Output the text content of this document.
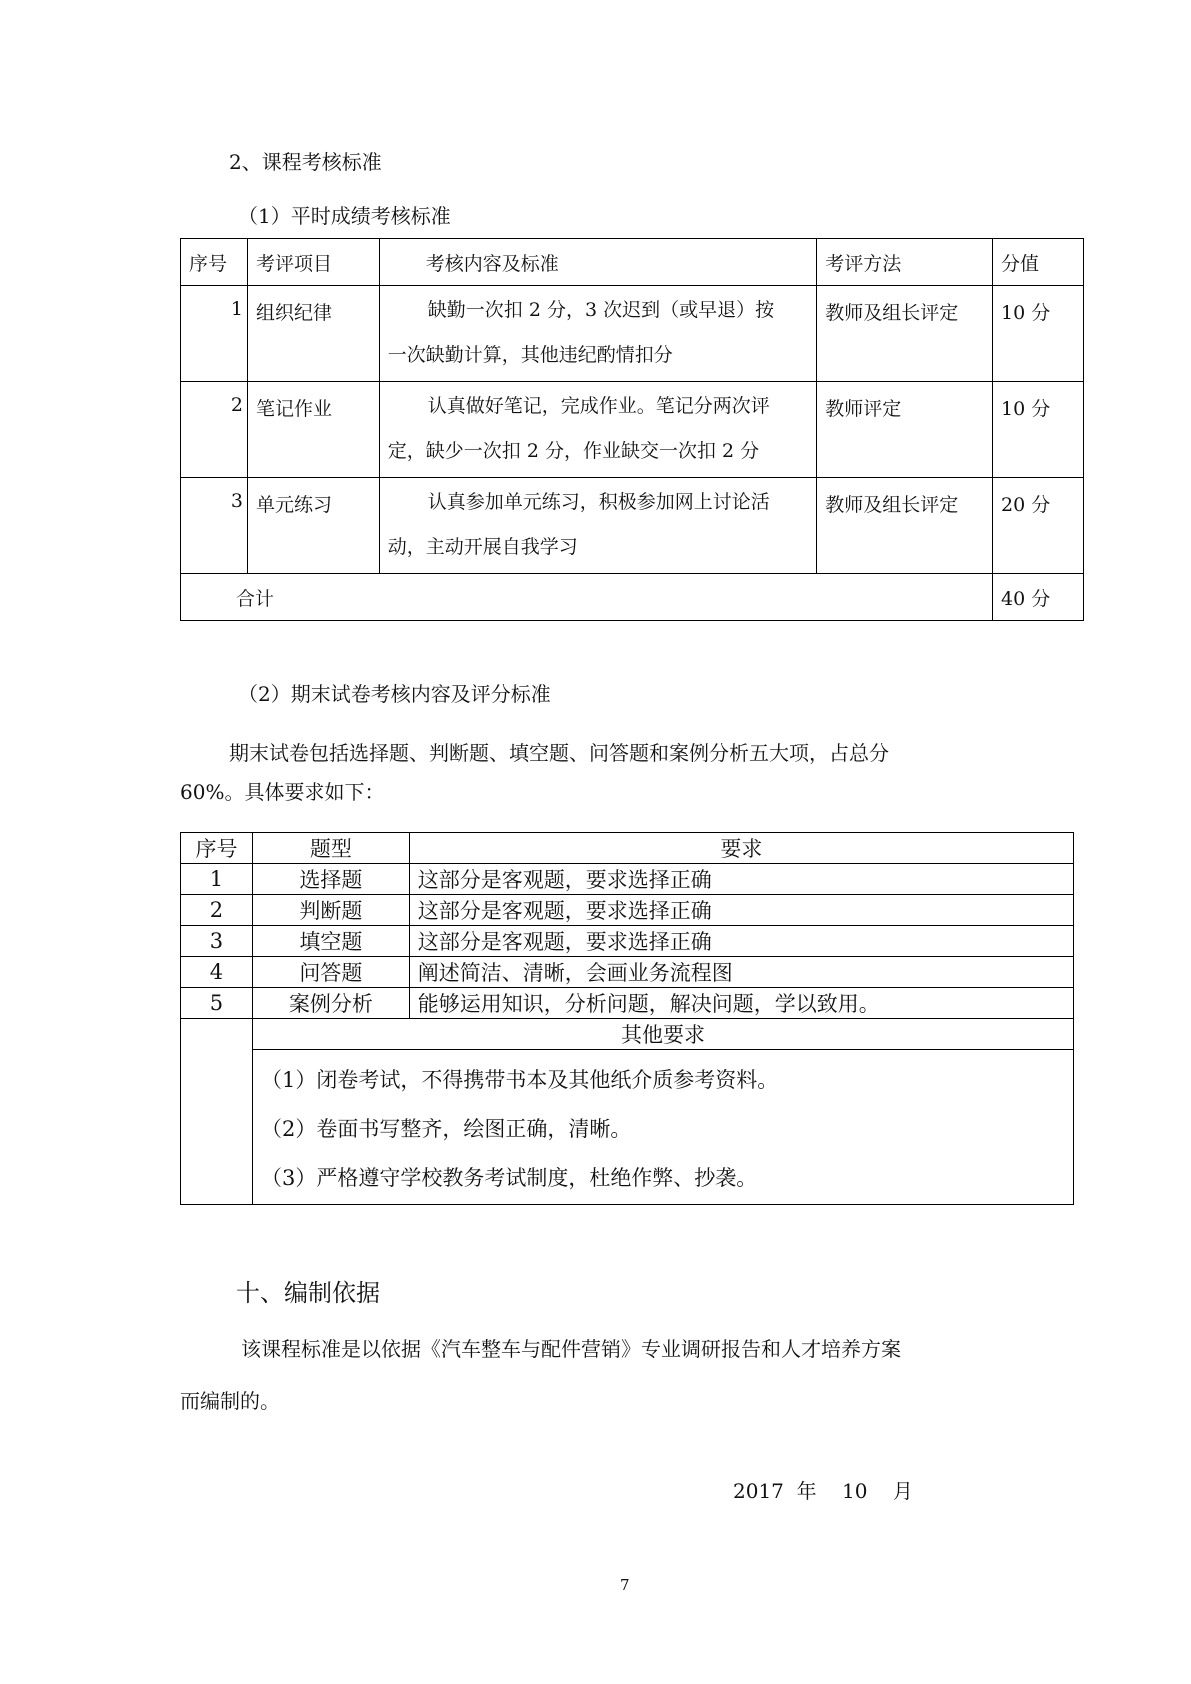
2、课程考核标准
（1）平时成绩考核标准
序号	考评项目	考核内容及标准	考评方法	分值
1	组织纪律	缺勤一次扣 2 分，3 次迟到（或早退）按
一次缺勤计算，其他违纪酌情扣分	教师及组长评定	10 分
2	笔记作业	认真做好笔记，完成作业。笔记分两次评
定，缺少一次扣 2 分，作业缺交一次扣 2 分	教师评定	10 分
3	单元练习	认真参加单元练习，积极参加网上讨论活
动，主动开展自我学习	教师及组长评定	20 分
合计				40 分
（2）期末试卷考核内容及评分标准
期末试卷包括选择题、判断题、填空题、问答题和案例分析五大项，占总分
60%。具体要求如下：
序号	题型	要求
1	选择题	这部分是客观题，要求选择正确
2	判断题	这部分是客观题，要求选择正确
3	填空题	这部分是客观题，要求选择正确
4	问答题	阐述简洁、清晰，会画业务流程图
5	案例分析	能够运用知识，分析问题，解决问题，学以致用。
	其他要求	

	（1）闭卷考试，不得携带书本及其他纸介质参考资料。
（2）卷面书写整齐，绘图正确，清晰。
（3）严格遵守学校教务考试制度，杜绝作弊、抄袭。	
十、编制依据
该课程标准是以依据《汽车整车与配件营销》专业调研报告和人才培养方案
而编制的。
2017  年    10    月
7
